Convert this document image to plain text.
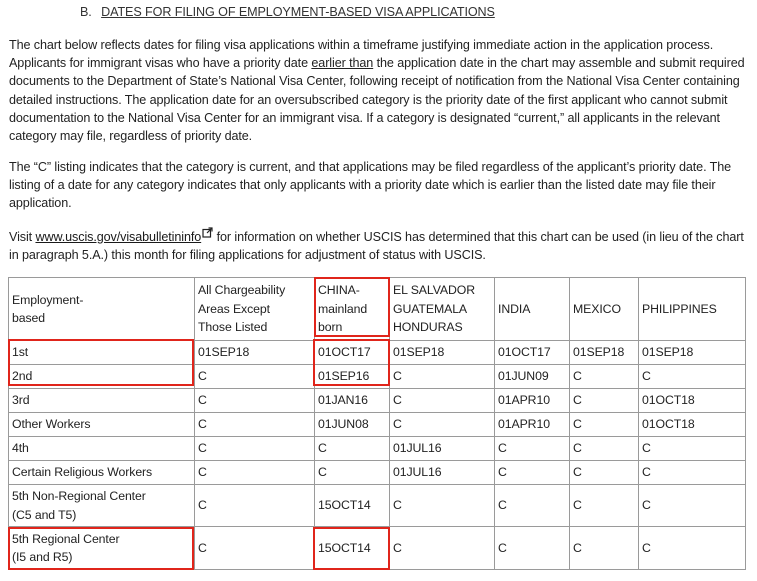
B. DATES FOR FILING OF EMPLOYMENT-BASED VISA APPLICATIONS
The chart below reflects dates for filing visa applications within a timeframe justifying immediate action in the application process. Applicants for immigrant visas who have a priority date earlier than the application date in the chart may assemble and submit required documents to the Department of State’s National Visa Center, following receipt of notification from the National Visa Center containing detailed instructions. The application date for an oversubscribed category is the priority date of the first applicant who cannot submit documentation to the National Visa Center for an immigrant visa. If a category is designated “current,” all applicants in the relevant category may file, regardless of priority date.
The “C” listing indicates that the category is current, and that applications may be filed regardless of the applicant’s priority date. The listing of a date for any category indicates that only applicants with a priority date which is earlier than the listed date may file their application.
Visit www.uscis.gov/visabulletininfo for information on whether USCIS has determined that this chart can be used (in lieu of the chart in paragraph 5.A.) this month for filing applications for adjustment of status with USCIS.
Employment-
based	All Chargeability
Areas Except
Those Listed	CHINA-
mainland
born	EL SALVADOR
GUATEMALA
HONDURAS	INDIA	MEXICO	PHILIPPINES
1st	01SEP18	01OCT17	01SEP18	01OCT17	01SEP18	01SEP18
2nd	C	01SEP16	C	01JUN09	C	C
3rd	C	01JAN16	C	01APR10	C	01OCT18
Other Workers	C	01JUN08	C	01APR10	C	01OCT18
4th	C	C	01JUL16	C	C	C
Certain Religious Workers	C	C	01JUL16	C	C	C
5th Non-Regional Center
(C5 and T5)	C	15OCT14	C	C	C	C
5th Regional Center
(I5 and R5)	C	15OCT14	C	C	C	C
